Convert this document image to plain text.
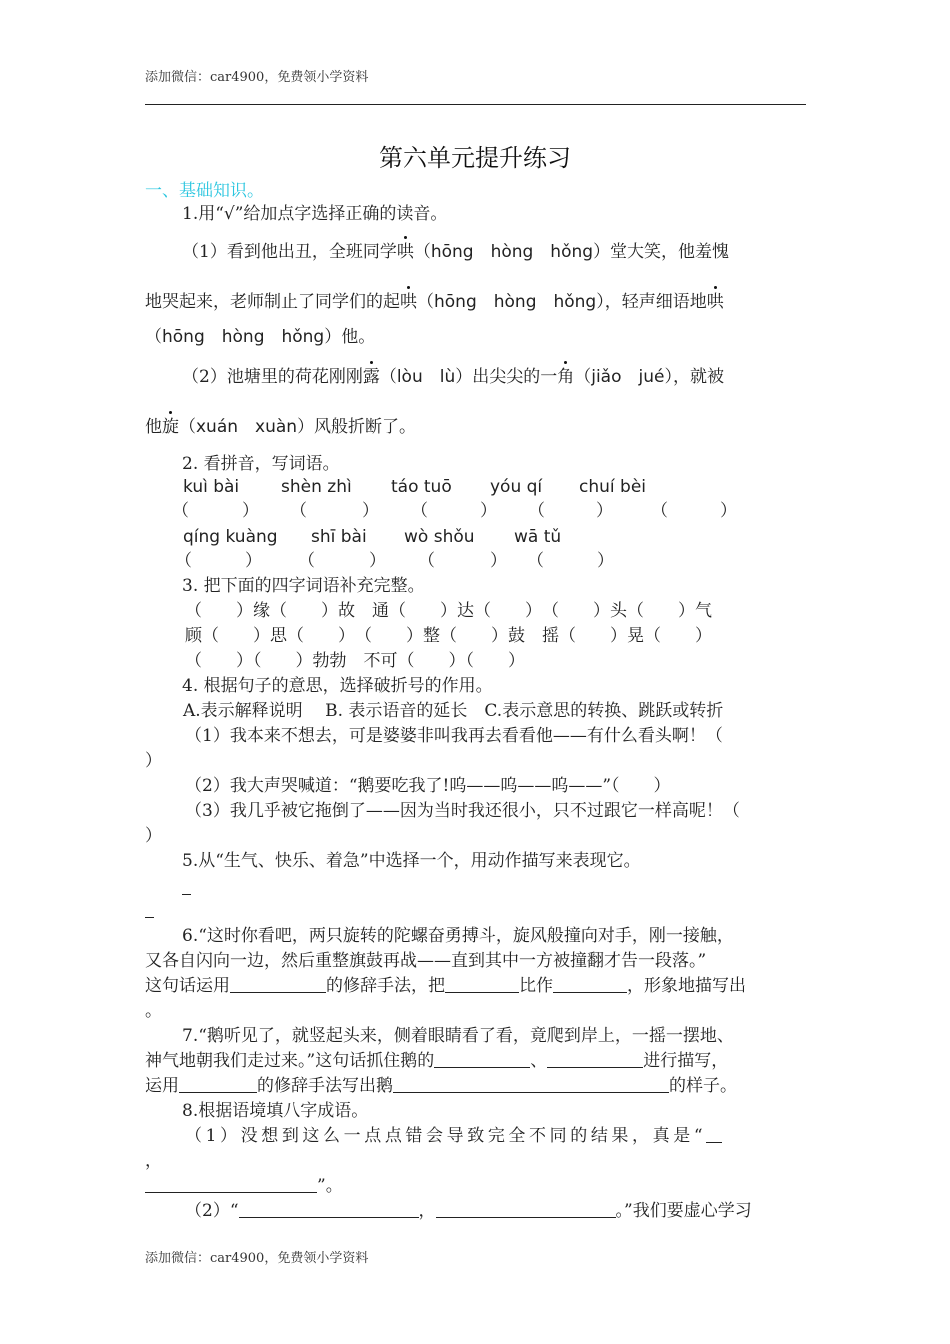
添加微信：car4900，免费领小学资料
第六单元提升练习
一、基础知识。
1.用“√”给加点字选择正确的读音。
（1）看到他出丑，全班同学哄（hōng　hòng　hǒng）堂大笑，他羞愧
地哭起来，老师制止了同学们的起哄（hōng　hòng　hǒng），轻声细语地哄
（hōng　hòng　hǒng）他。
（2）池塘里的荷花刚刚露（lòu　lù）出尖尖的一角（jiǎo　jué），就被
他旋（xuán　xuàn）风般折断了。
2. 看拼音，写词语。
kuì bài shèn zhì táo tuō yóu qí chuí bèi
（	） （	） （	） （	） （	）
qíng kuàng shī bài wò shǒu wā tǔ
（	） （	） （	） （	）
3. 把下面的四字词语补充完整。
（　　）缘（　　）故　通（　　）达（　　）　（　　）头（　　）气
顾（　　）思（　　）　（　　）整（　　）鼓　摇（　　）晃（　　）
（　　）（　　）勃勃　不可（　　）（　　）
4. 根据句子的意思，选择破折号的作用。
A.表示解释说明　 B. 表示语音的延长　C.表示意思的转换、跳跃或转折
（1）我本来不想去，可是婆婆非叫我再去看看他——有什么看头啊！（
）
（2）我大声哭喊道：“鹅要吃我了!呜——呜——呜——”（　　）
（3）我几乎被它拖倒了——因为当时我还很小，只不过跟它一样高呢！（
）
5.从“生气、快乐、着急”中选择一个，用动作描写来表现它。
6.“这时你看吧，两只旋转的陀螺奋勇搏斗，旋风般撞向对手，刚一接触，
又各自闪向一边，然后重整旗鼓再战——直到其中一方被撞翻才告一段落。”
这句话运用	的修辞手法，把	比作	，形象地描写出
。
7.“鹅听见了，就竖起头来，侧着眼睛看了看，竟爬到岸上，一摇一摆地、
神气地朝我们走过来。”这句话抓住鹅的	、	进行描写，
运用	的修辞手法写出鹅	的样子。
8.根据语境填八字成语。
（1）没想到这么一点点错会导致完全不同的结果，真是“
，
”。
（2）“	，	。”我们要虚心学习
添加微信：car4900，免费领小学资料
